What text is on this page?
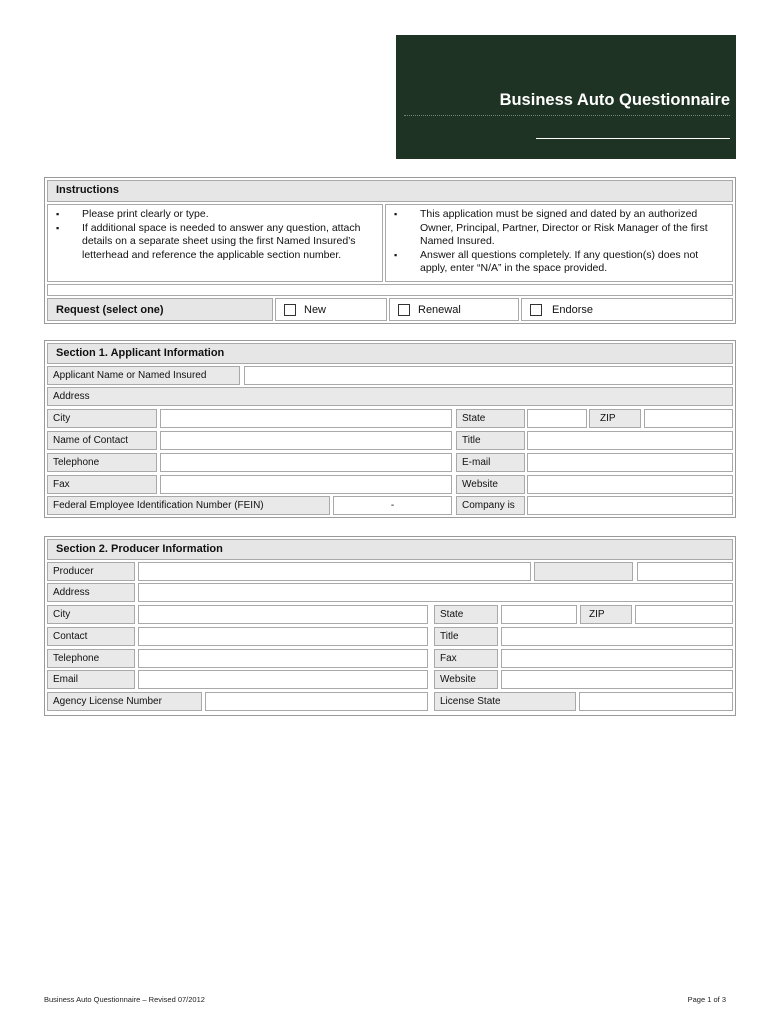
Business Auto Questionnaire
Instructions
▪ Please print clearly or type.
▪ If additional space is needed to answer any question, attach details on a separate sheet using the first Named Insured’s letterhead and reference the applicable section number.
▪ This application must be signed and dated by an authorized Owner, Principal, Partner, Director or Risk Manager of the first Named Insured.
▪ Answer all questions completely. If any question(s) does not apply, enter “N/A” in the space provided.
Request (select one)	New	Renewal	Endorse
Section 1. Applicant Information
Applicant Name or Named Insured
Address
City	State	ZIP
Name of Contact	Title
Telephone	E-mail
Fax	Website
Federal Employee Identification Number (FEIN)	-	Company is
Section 2. Producer Information
Producer
Address
City	State	ZIP
Contact	Title
Telephone	Fax
Email	Website
Agency License Number	License State
Business Auto Questionnaire – Revised 07/2012	Page 1 of 3
